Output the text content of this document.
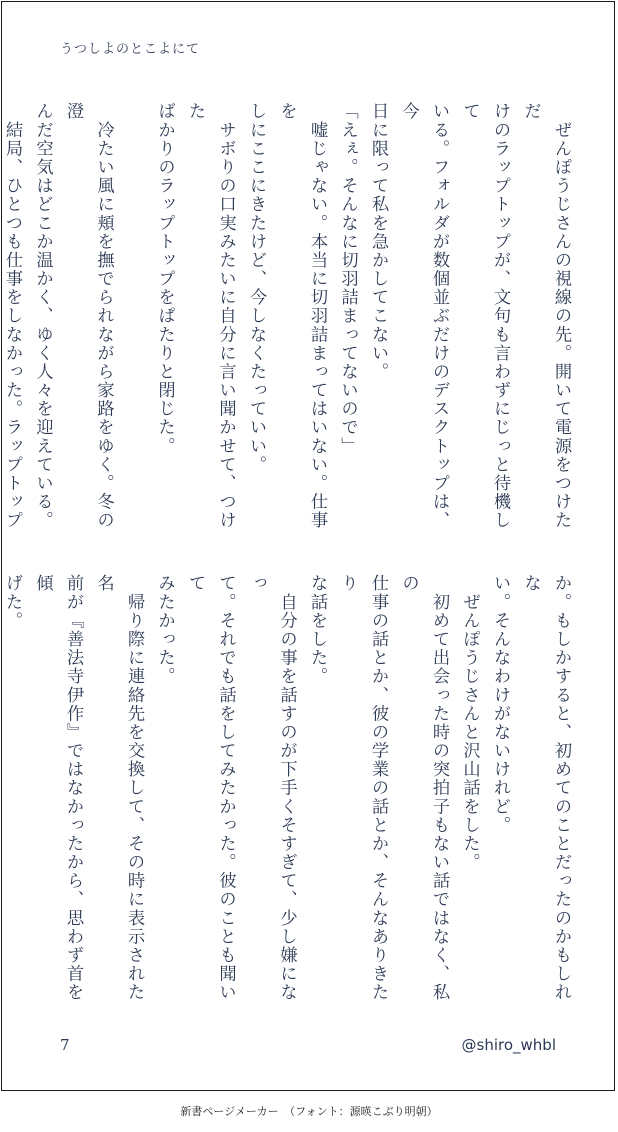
うつしよのとこよにて

　ぜんぽうじさんの視線の先。開いて電源をつけただ

けのラップトップが、文句も言わずにじっと待機して

いる。フォルダが数個並ぶだけのデスクトップは、今

日に限って私を急かしてこない。

「えぇ。そんなに切羽詰まってないので」

　嘘じゃない。本当に切羽詰まってはいない。仕事を

しにここにきたけど、今しなくたっていい。

　サボりの口実みたいに自分に言い聞かせて、つけた

ばかりのラップトップをぱたりと閉じた。

　冷たい風に頬を撫でられながら家路をゆく。冬の澄

んだ空気はどこか温かく、ゆく人々を迎えている。

　結局、ひとつも仕事をしなかった。ラップトップ

か。もしかすると、初めてのことだったのかもしれな

い。そんなわけがないけれど。

　ぜんぽうじさんと沢山話をした。

　初めて出会った時の突拍子もない話ではなく、私の

仕事の話とか、彼の学業の話とか、そんなありきたり

な話をした。

　自分の事を話すのが下手くそすぎて、少し嫌になっ

て。それでも話をしてみたかった。彼のことも聞いて

みたかった。

　帰り際に連絡先を交換して、その時に表示された名

前が『善法寺伊作』ではなかったから、思わず首を傾

げた。

7	@shiro_whbl
新書ページメーカー　（フォント：源暎こぶり明朝）
